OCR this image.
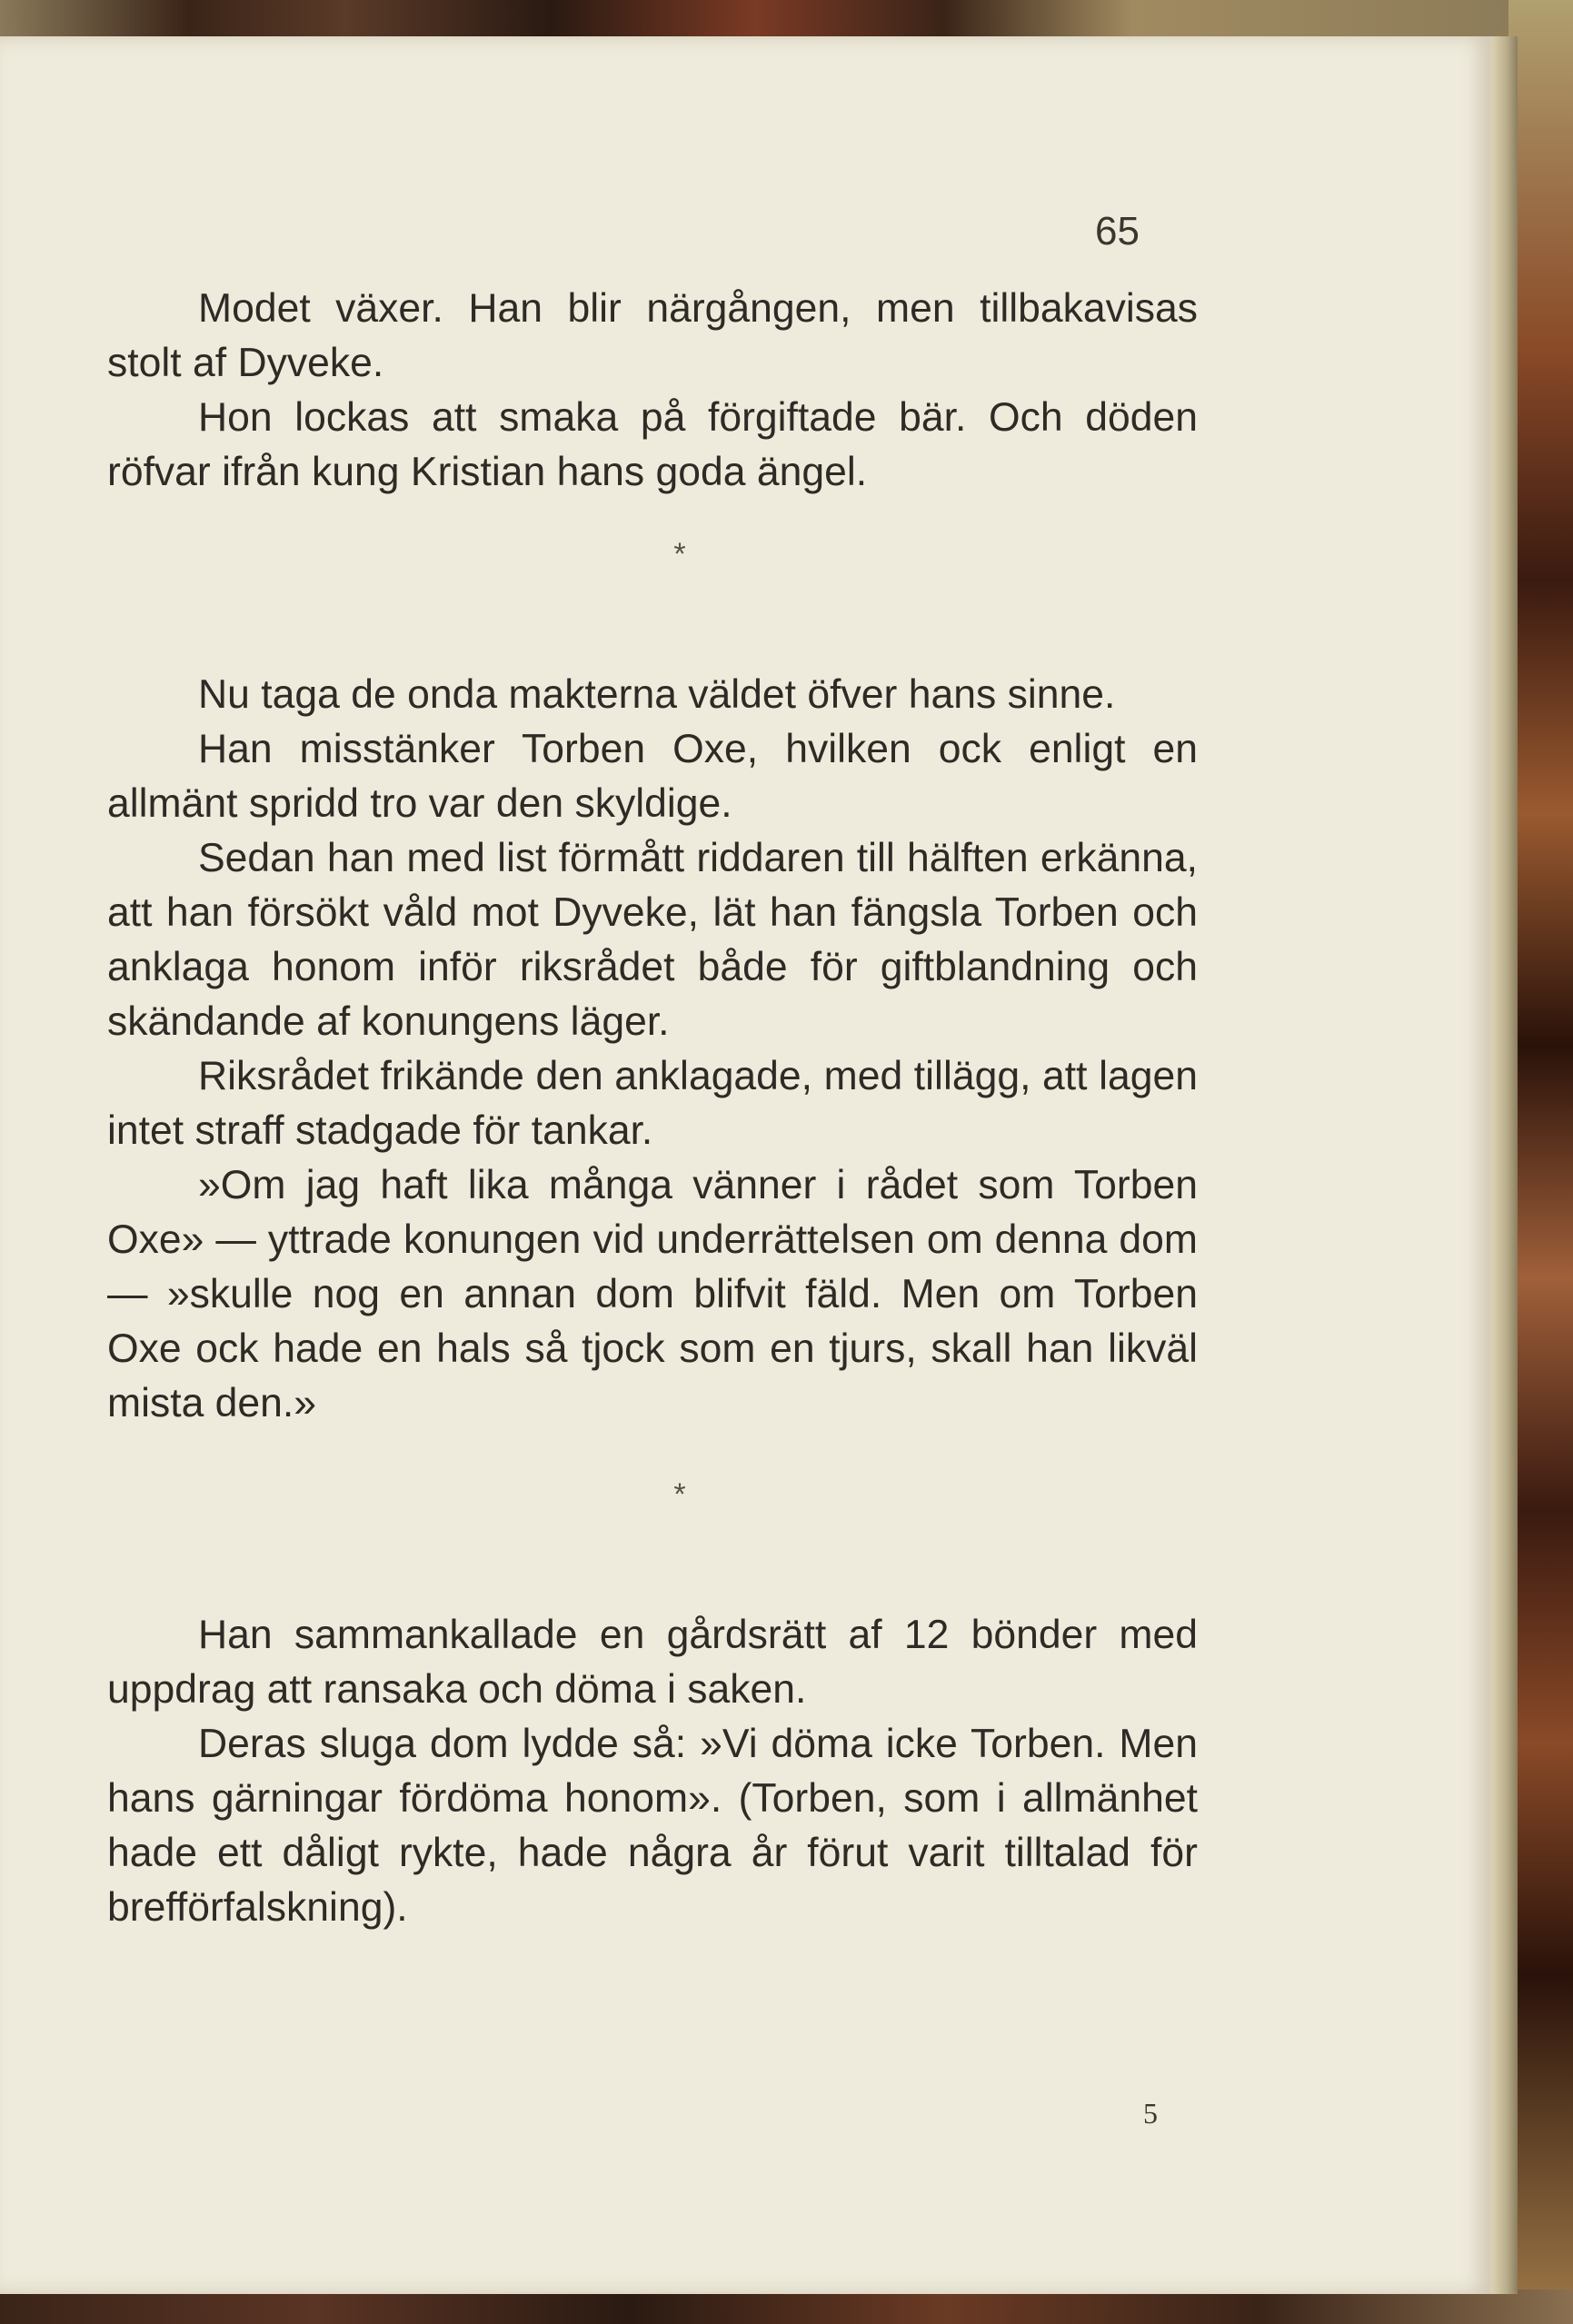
65

Modet växer. Han blir närgången, men tillbakavisas stolt af Dyveke.

Hon lockas att smaka på förgiftade bär. Och döden röfvar ifrån kung Kristian hans goda ängel.

*

Nu taga de onda makterna väldet öfver hans sinne.

Han misstänker Torben Oxe, hvilken ock enligt en allmänt spridd tro var den skyldige.

Sedan han med list förmått riddaren till hälften erkänna, att han försökt våld mot Dyveke, lät han fängsla Torben och anklaga honom inför riksrådet både för giftblandning och skändande af konungens läger.

Riksrådet frikände den anklagade, med tillägg, att lagen intet straff stadgade för tankar.

»Om jag haft lika många vänner i rådet som Torben Oxe» — yttrade konungen vid underrättelsen om denna dom — »skulle nog en annan dom blifvit fäld. Men om Torben Oxe ock hade en hals så tjock som en tjurs, skall han likväl mista den.»

*

Han sammankallade en gårdsrätt af 12 bönder med uppdrag att ransaka och döma i saken.

Deras sluga dom lydde så: »Vi döma icke Torben. Men hans gärningar fördöma honom». (Torben, som i allmänhet hade ett dåligt rykte, hade några år förut varit tilltalad för brefförfalskning).

5
